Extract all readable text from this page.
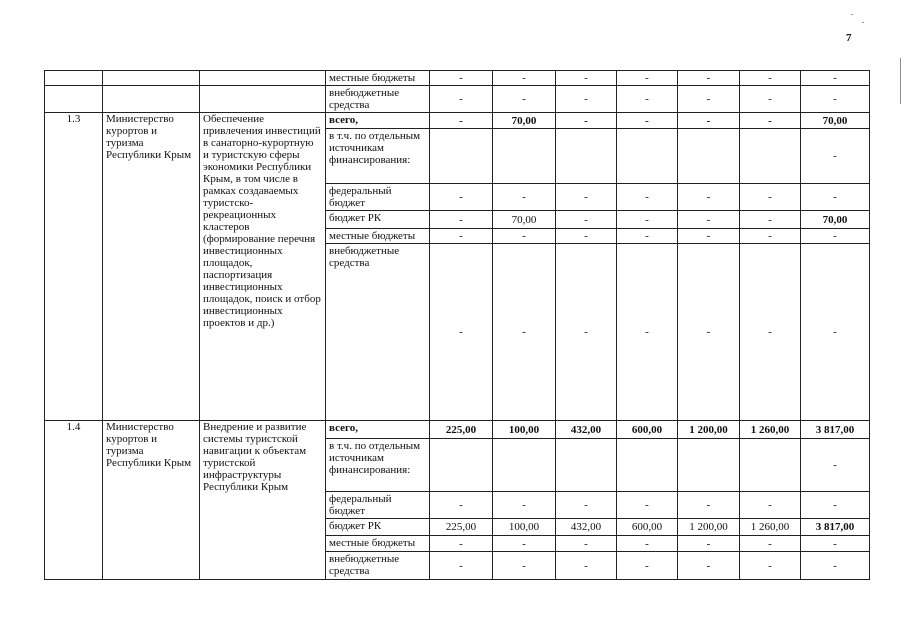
7
			местные бюджеты	-	-	-	-	-	-	-
			внебюджетные средства	-	-	-	-	-	-	-
1.3	Министерство курортов и туризма Республики Крым	Обеспечение привлечения инвестиций в санаторно-курортную и туристскую сферы экономики Республики Крым, в том числе в рамках создаваемых туристско-рекреационных кластеров (формирование перечня инвестиционных площадок, паспортизация инвестиционных площадок, поиск и отбор инвестиционных проектов и др.)	всего,	-	70,00	-	-	-	-	70,00
			в т.ч. по отдельным источникам финансирования:							-
			федеральный бюджет	-	-	-	-	-	-	-
			бюджет РК	-	70,00	-	-	-	-	70,00
			местные бюджеты	-	-	-	-	-	-	-
			внебюджетные средства	-	-	-	-	-	-	-
1.4	Министерство курортов и туризма Республики Крым	Внедрение и развитие системы туристской навигации к объектам туристской инфраструктуры Республики Крым	всего,	225,00	100,00	432,00	600,00	1 200,00	1 260,00	3 817,00
			в т.ч. по отдельным источникам финансирования:							-
			федеральный бюджет	-	-	-	-	-	-	-
			бюджет РК	225,00	100,00	432,00	600,00	1 200,00	1 260,00	3 817,00
			местные бюджеты	-	-	-	-	-	-	-
			внебюджетные средства	-	-	-	-	-	-	-
